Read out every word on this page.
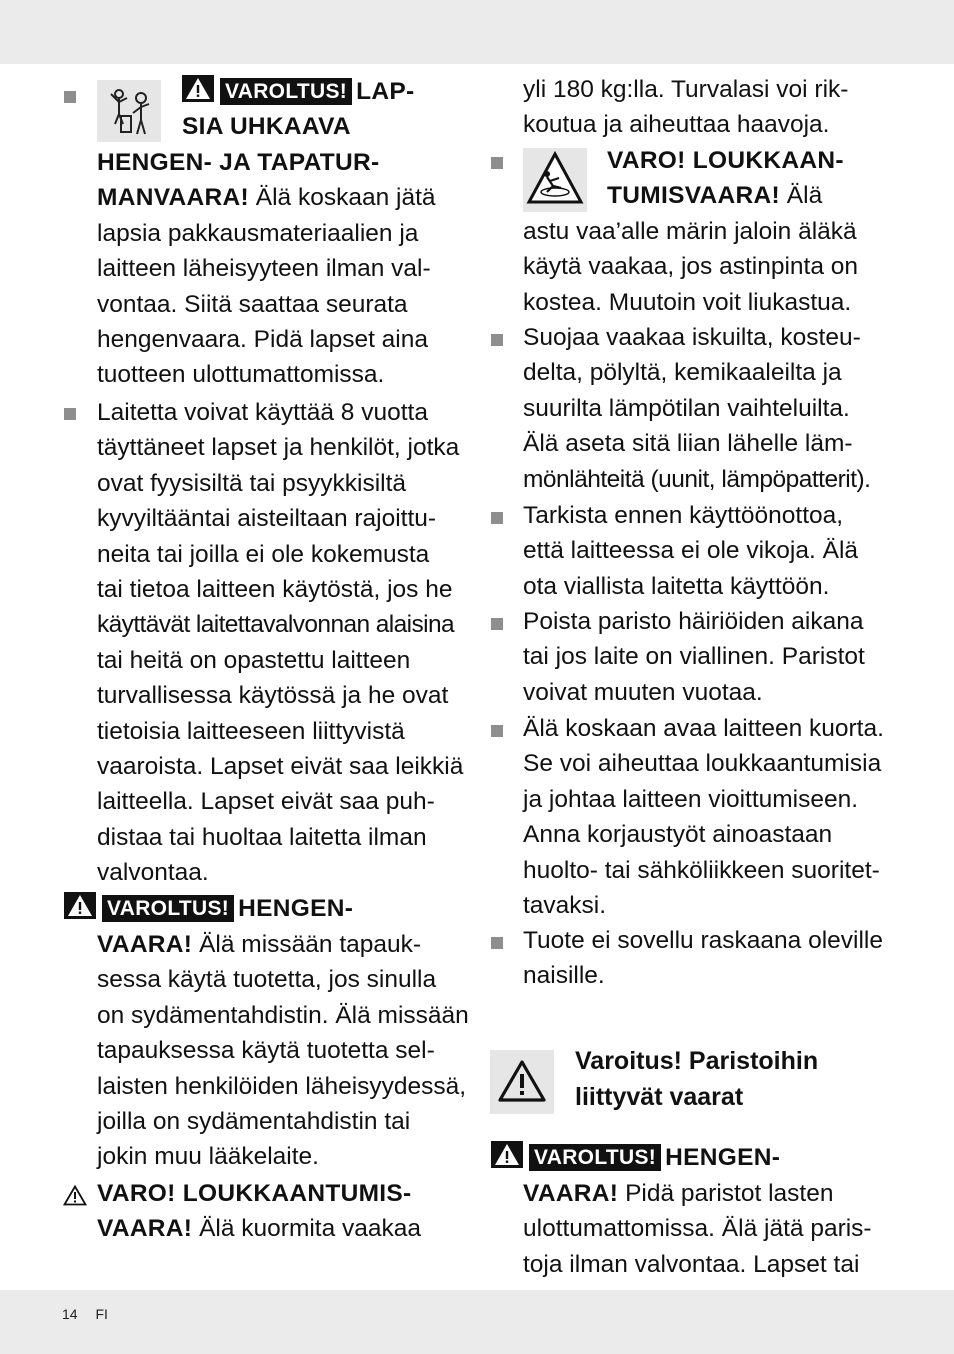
VAROLTUS! LAP-
SIA UHKAAVA
HENGEN- JA TAPATUR-
MANVAARA! Älä koskaan jätä
lapsia pakkausmateriaalien ja
laitteen läheisyyteen ilman val-
vontaa. Siitä saattaa seurata
hengenvaara. Pidä lapset aina
tuotteen ulottumattomissa.
Laitetta voivat käyttää 8 vuotta
täyttäneet lapset ja henkilöt, jotka
ovat fyysisiltä tai psyykkisiltä
kyvyiltääntai aisteiltaan rajoittu-
neita tai joilla ei ole kokemusta
tai tietoa laitteen käytöstä, jos he
käyttävät laitettavalvonnan alaisina
tai heitä on opastettu laitteen
turvallisessa käytössä ja he ovat
tietoisia laitteeseen liittyvistä
vaaroista. Lapset eivät saa leikkiä
laitteella. Lapset eivät saa puh-
distaa tai huoltaa laitetta ilman
valvontaa.
VAROLTUS! HENGEN-
VAARA! Älä missään tapauk-
sessa käytä tuotetta, jos sinulla
on sydämentahdistin. Älä missään
tapauksessa käytä tuotetta sel-
laisten henkilöiden läheisyydessä,
joilla on sydämentahdistin tai
jokin muu lääkelaite.
VARO! LOUKKAANTUMIS-
VAARA! Älä kuormita vaakaa
yli 180 kg:lla. Turvalasi voi rik-
koutua ja aiheuttaa haavoja.
VARO! LOUKKAAN-
TUMISVAARA! Älä
astu vaa’alle märin jaloin äläkä
käytä vaakaa, jos astinpinta on
kostea. Muutoin voit liukastua.
Suojaa vaakaa iskuilta, kosteu-
delta, pölyltä, kemikaaleilta ja
suurilta lämpötilan vaihteluilta.
Älä aseta sitä liian lähelle läm-
mönlähteitä (uunit, lämpöpatterit).
Tarkista ennen käyttöönottoa,
että laitteessa ei ole vikoja. Älä
ota viallista laitetta käyttöön.
Poista paristo häiriöiden aikana
tai jos laite on viallinen. Paristot
voivat muuten vuotaa.
Älä koskaan avaa laitteen kuorta.
Se voi aiheuttaa loukkaantumisia
ja johtaa laitteen vioittumiseen.
Anna korjaustyöt ainoastaan
huolto- tai sähköliikkeen suoritet-
tavaksi.
Tuote ei sovellu raskaana oleville
naisille.
Varoitus! Paristoihin
liittyvät vaarat
VAROLTUS! HENGEN-
VAARA! Pidä paristot lasten
ulottumattomissa. Älä jätä paris-
toja ilman valvontaa. Lapset tai
14 FI
